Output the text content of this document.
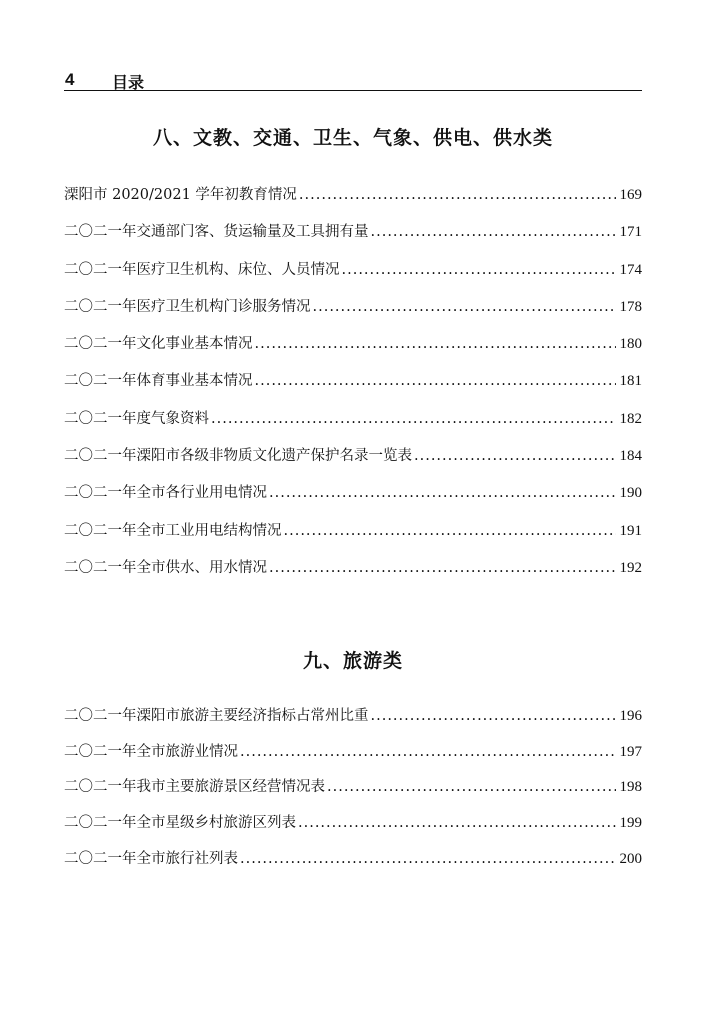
4 目录
八、文教、交通、卫生、气象、供电、供水类
溧阳市 2020/2021 学年初教育情况 .....	169
二〇二一年交通部门客、货运输量及工具拥有量 .....	171
二〇二一年医疗卫生机构、床位、人员情况 .....	174
二〇二一年医疗卫生机构门诊服务情况 .....	178
二〇二一年文化事业基本情况 .....	180
二〇二一年体育事业基本情况 .....	181
二〇二一年度气象资料 .....	182
二〇二一年溧阳市各级非物质文化遗产保护名录一览表 .....	184
二〇二一年全市各行业用电情况 .....	190
二〇二一年全市工业用电结构情况 .....	191
二〇二一年全市供水、用水情况 .....	192
九、旅游类
二〇二一年溧阳市旅游主要经济指标占常州比重 .....	196
二〇二一年全市旅游业情况 .....	197
二〇二一年我市主要旅游景区经营情况表 .....	198
二〇二一年全市星级乡村旅游区列表 .....	199
二〇二一年全市旅行社列表 .....	200
